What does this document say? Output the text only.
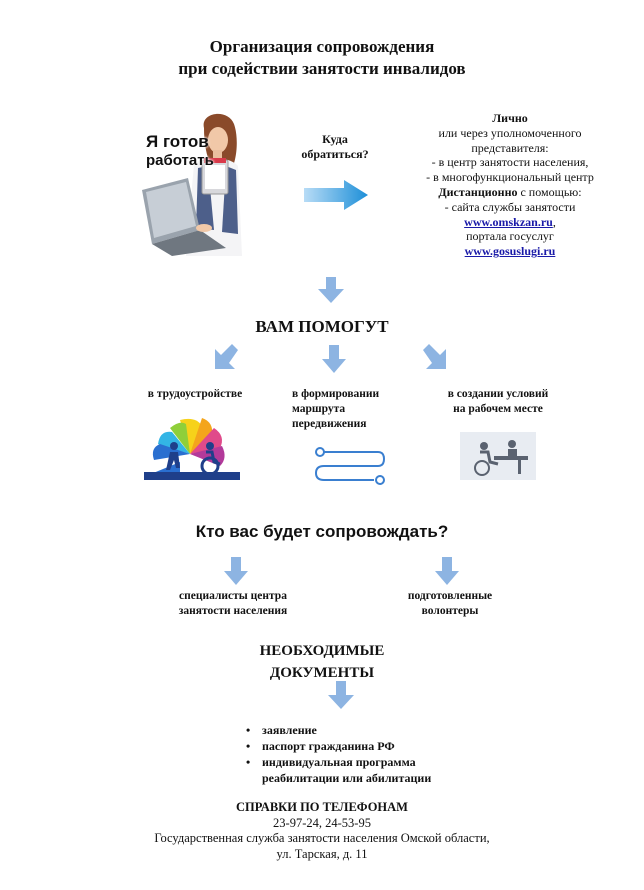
Организация сопровождения
при содействии занятости инвалидов
Я готов
работать
Куда
обратиться?
Лично
или через уполномоченного
представителя:
- в центр занятости населения,
- в многофункциональный центр
Дистанционно с помощью:
- сайта службы занятости
www.omskzan.ru,
портала госуслуг
www.gosuslugi.ru
ВАМ ПОМОГУТ
в трудоустройстве	в формировании
маршрута
передвижения
в создании условий
на рабочем месте
Кто вас будет сопровождать?
специалисты центра
занятости населения
подготовленные
волонтеры
НЕОБХОДИМЫЕ
ДОКУМЕНТЫ
• заявление
• паспорт гражданина РФ
• индивидуальная программа
реабилитации или абилитации
СПРАВКИ ПО ТЕЛЕФОНАМ
23-97-24, 24-53-95
Государственная служба занятости населения Омской области,
ул. Тарская, д. 11
